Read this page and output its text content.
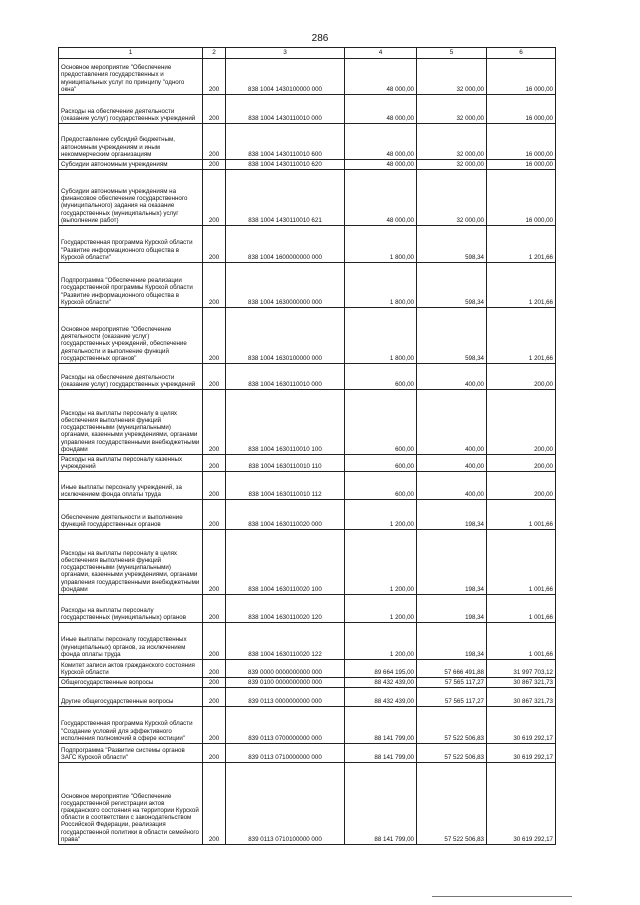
286
1	2	3	4	5	6
Основное мероприятие "Обеспечение предоставления государственных и муниципальных услуг по принципу "одного окна"	200	838 1004 1430100000 000	48 000,00	32 000,00	16 000,00
Расходы на обеспечение деятельности (оказание услуг) государственных учреждений	200	838 1004 1430110010 000	48 000,00	32 000,00	16 000,00
Предоставление субсидий бюджетным, автономным учреждениям и иным некоммерческим организациям	200	838 1004 1430110010 600	48 000,00	32 000,00	16 000,00
Субсидии автономным учреждениям	200	838 1004 1430110010 620	48 000,00	32 000,00	16 000,00
Субсидии автономным учреждениям на финансовое обеспечение государственного (муниципального) задания на оказание государственных (муниципальных) услуг (выполнение работ)	200	838 1004 1430110010 621	48 000,00	32 000,00	16 000,00
Государственная программа Курской области "Развитие информационного общества в Курской области"	200	838 1004 1600000000 000	1 800,00	598,34	1 201,66
Подпрограмма "Обеспечение реализации государственной программы Курской области "Развитие информационного общества в Курской области"	200	838 1004 1630000000 000	1 800,00	598,34	1 201,66
Основное мероприятие "Обеспечение деятельности (оказание услуг) государственных учреждений, обеспечение деятельности и выполнение функций государственных органов"	200	838 1004 1630100000 000	1 800,00	598,34	1 201,66
Расходы на обеспечение деятельности (оказание услуг) государственных учреждений	200	838 1004 1630110010 000	600,00	400,00	200,00
Расходы на выплаты персоналу в целях обеспечения выполнения функций государственными (муниципальными) органами, казенными учреждениями, органами управления государственными внебюджетными фондами	200	838 1004 1630110010 100	600,00	400,00	200,00
Расходы на выплаты персоналу казенных учреждений	200	838 1004 1630110010 110	600,00	400,00	200,00
Иные выплаты персоналу учреждений, за исключением фонда оплаты труда	200	838 1004 1630110010 112	600,00	400,00	200,00
Обеспечение деятельности и выполнение функций государственных органов	200	838 1004 1630110020 000	1 200,00	198,34	1 001,66
Расходы на выплаты персоналу в целях обеспечения выполнения функций государственными (муниципальными) органами, казенными учреждениями, органами управления государственными внебюджетными фондами	200	838 1004 1630110020 100	1 200,00	198,34	1 001,66
Расходы на выплаты персоналу государственных (муниципальных) органов	200	838 1004 1630110020 120	1 200,00	198,34	1 001,66
Иные выплаты персоналу государственных (муниципальных) органов, за исключением фонда оплаты труда	200	838 1004 1630110020 122	1 200,00	198,34	1 001,66
Комитет записи актов гражданского состояния Курской области	200	839 0000 0000000000 000	89 664 195,00	57 666 491,88	31 997 703,12
Общегосударственные вопросы	200	839 0100 0000000000 000	88 432 439,00	57 565 117,27	30 867 321,73
Другие общегосударственные вопросы	200	839 0113 0000000000 000	88 432 439,00	57 565 117,27	30 867 321,73
Государственная программа Курской области "Создание условий для эффективного исполнения полномочий в сфере юстиции"	200	839 0113 0700000000 000	88 141 799,00	57 522 506,83	30 619 292,17
Подпрограмма "Развитие системы органов ЗАГС Курской области"	200	839 0113 0710000000 000	88 141 799,00	57 522 506,83	30 619 292,17
Основное мероприятие "Обеспечение государственной регистрации актов гражданского состояния на территории Курской области в соответствии с законодательством Российской Федерации, реализация государственной политики в области семейного права"	200	839 0113 0710100000 000	88 141 799,00	57 522 506,83	30 619 292,17
